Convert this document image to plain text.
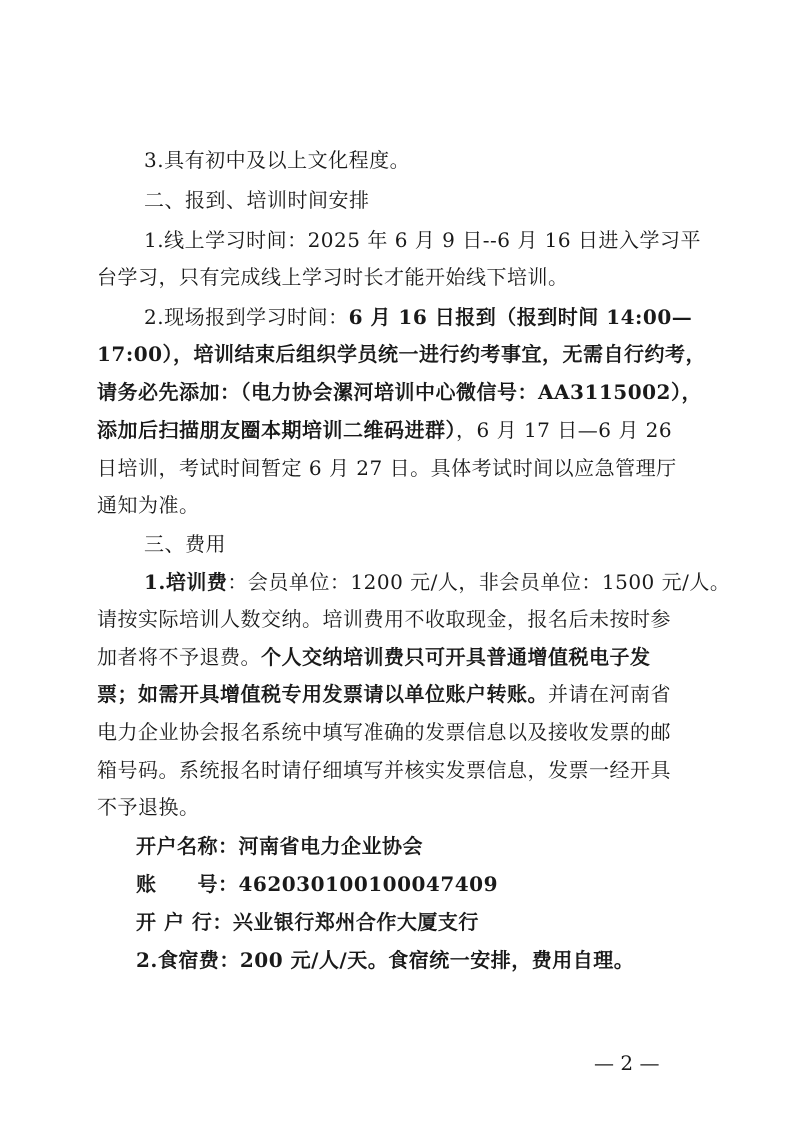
3.具有初中及以上文化程度。
二、报到、培训时间安排
1.线上学习时间：2025 年 6 月 9 日--6 月 16 日进入学习平
台学习，只有完成线上学习时长才能开始线下培训。
2.现场报到学习时间：6 月 16 日报到（报到时间 14:00—
17:00），培训结束后组织学员统一进行约考事宜，无需自行约考，
请务必先添加：（电力协会漯河培训中心微信号：AA3115002），
添加后扫描朋友圈本期培训二维码进群），6 月 17 日—6 月 26
日培训，考试时间暂定 6 月 27 日。具体考试时间以应急管理厅
通知为准。
三、费用
1.培训费：会员单位：1200 元/人，非会员单位：1500 元/人。
请按实际培训人数交纳。培训费用不收取现金，报名后未按时参
加者将不予退费。个人交纳培训费只可开具普通增值税电子发
票；如需开具增值税专用发票请以单位账户转账。并请在河南省
电力企业协会报名系统中填写准确的发票信息以及接收发票的邮
箱号码。系统报名时请仔细填写并核实发票信息，发票一经开具
不予退换。
开户名称：河南省电力企业协会
账　　号：462030100100047409
开 户 行：兴业银行郑州合作大厦支行
2.食宿费：200 元/人/天。食宿统一安排，费用自理。
— 2 —
